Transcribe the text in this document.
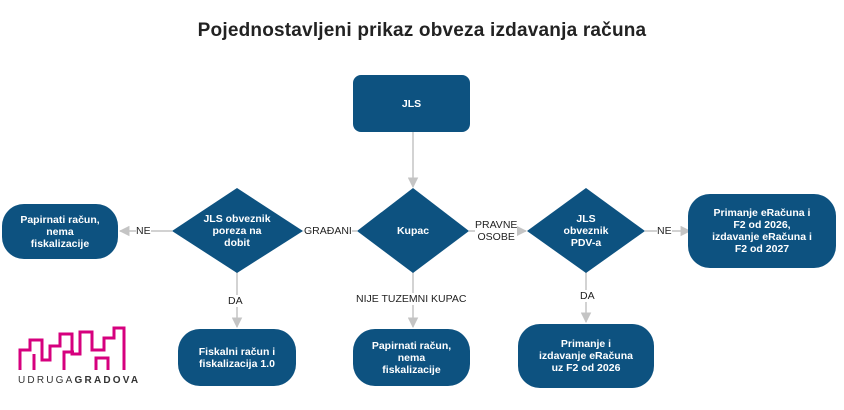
Pojednostavljeni prikaz obveza izdavanja računa
JLS
Papirnati račun,
nema
fiskalizacije
Fiskalni račun i
fiskalizacija 1.0
Papirnati račun,
nema
fiskalizacije
Primanje i
izdavanje eRačuna
uz F2 od 2026
Primanje eRačuna i
F2 od 2026,
izdavanje eRačuna i
F2 od 2027
Kupac
JLS obveznik
poreza na
dobit
JLS
obveznik
PDV-a
GRAĐANI	PRAVNE
OSOBE
NE	NE
DA	DA
NIJE TUZEMNI KUPAC
UDRUGAGRADOVA
